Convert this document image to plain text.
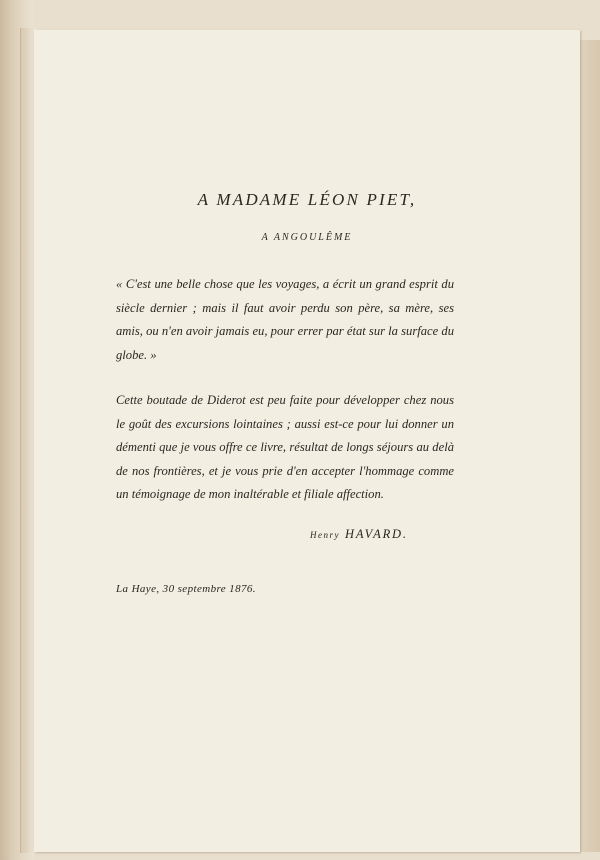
A MADAME LÉON PIET,

A ANGOULÊME

« C'est une belle chose que les voyages, a écrit un grand esprit du siècle dernier ; mais il faut avoir perdu son père, sa mère, ses amis, ou n'en avoir jamais eu, pour errer par état sur la surface du globe. »

Cette boutade de Diderot est peu faite pour développer chez nous le goût des excursions lointaines ; aussi est-ce pour lui donner un démenti que je vous offre ce livre, résultat de longs séjours au delà de nos frontières, et je vous prie d'en accepter l'hommage comme un témoignage de mon inaltérable et filiale affection.

Henry HAVARD.

La Haye, 30 septembre 1876.
